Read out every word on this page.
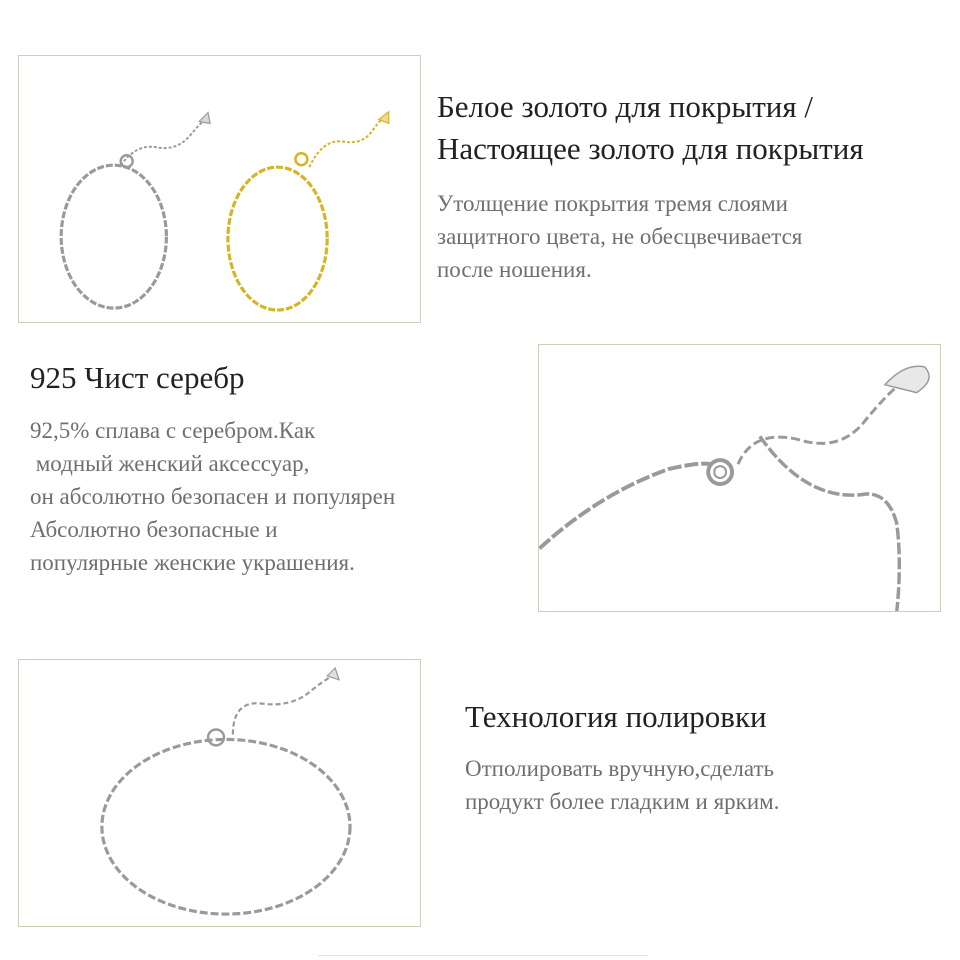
Белое золото для покрытия /
Настоящее золото для покрытия
Утолщение покрытия тремя слоями
защитного цвета, не обесцвечивается
после ношения.
925 Чист серебр
92,5% сплава с серебром.Как
модный женский аксессуар,
он абсолютно безопасен и популярен
Абсолютно безопасные и
популярные женские украшения.
Технология полировки
Отполировать вручную,сделать
продукт более гладким и ярким.
